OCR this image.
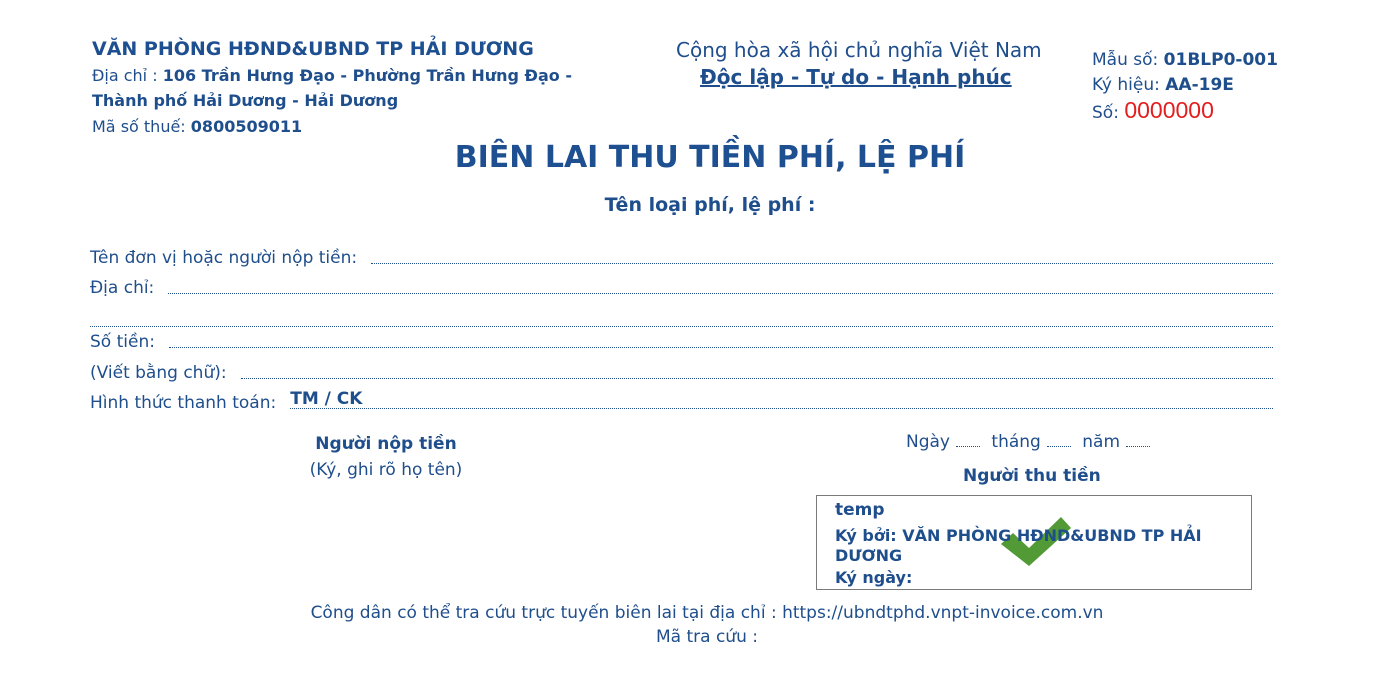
VĂN PHÒNG HĐND&UBND TP HẢI DƯƠNG
Địa chỉ : 106 Trần Hưng Đạo - Phường Trần Hưng Đạo -
Thành phố Hải Dương - Hải Dương
Mã số thuế: 0800509011
Cộng hòa xã hội chủ nghĩa Việt Nam
Độc lập - Tự do - Hạnh phúc
Mẫu số: 01BLP0-001
Ký hiệu: AA-19E
Số: 0000000
BIÊN LAI THU TIỀN PHÍ, LỆ PHÍ
Tên loại phí, lệ phí :
Tên đơn vị hoặc người nộp tiền:
Địa chỉ:
Số tiền:
(Viết bằng chữ):
Hình thức thanh toán: TM / CK
Người nộp tiền
(Ký, ghi rõ họ tên)
Ngày tháng năm
Người thu tiền
temp
Ký bởi: VĂN PHÒNG HĐND&UBND TP HẢI DƯƠNG
Ký ngày:
Công dân có thể tra cứu trực tuyến biên lai tại địa chỉ : https://ubndtphd.vnpt-invoice.com.vn
Mã tra cứu :
